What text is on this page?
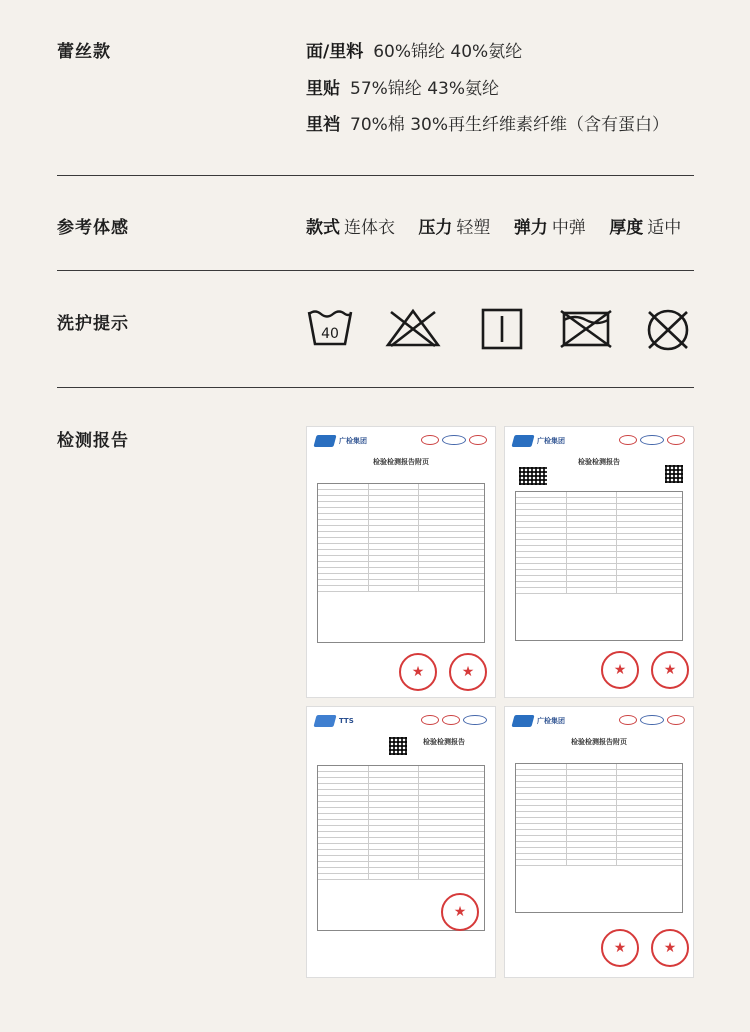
蕾丝款	面/里料 60%锦纶 40%氨纶
里贴 57%锦纶 43%氨纶
里裆 70%棉 30%再生纤维素纤维（含有蛋白）
参考体感	款式 连体衣 压力 轻塑 弹力 中弹 厚度 适中
洗护提示	40
检测报告	广检集团
检验检测报告附页
★	★
广检集团
检验检测报告
★	★
TTS
检验检测报告
★
广检集团
检验检测报告附页
★	★
